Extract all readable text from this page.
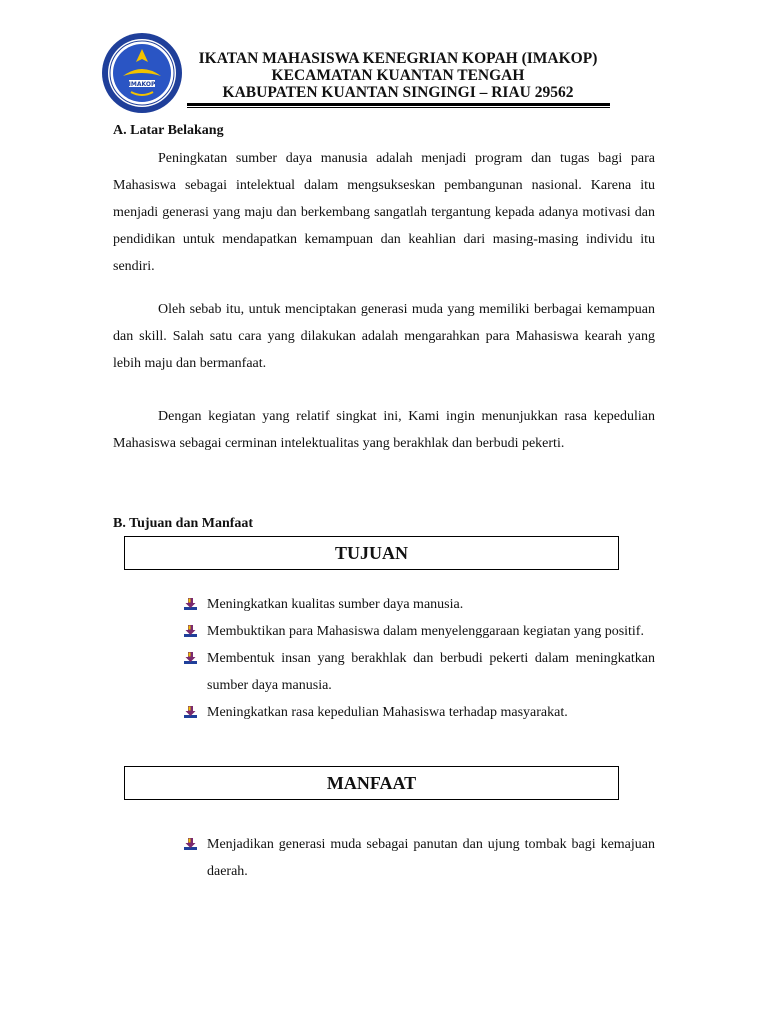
IMAKOP
IKATAN MAHASISWA KENEGRIAN KOPAH (IMAKOP)
KECAMATAN KUANTAN TENGAH
KABUPATEN KUANTAN SINGINGI – RIAU 29562
A. Latar Belakang

Peningkatan sumber daya manusia adalah menjadi program dan tugas bagi para Mahasiswa sebagai intelektual dalam mengsukseskan pembangunan nasional. Karena itu menjadi generasi yang maju dan berkembang sangatlah tergantung kepada adanya motivasi dan pendidikan untuk mendapatkan kemampuan dan keahlian dari masing-masing individu itu sendiri.

Oleh sebab itu, untuk menciptakan generasi muda yang memiliki berbagai kemampuan dan skill. Salah satu cara yang dilakukan adalah mengarahkan para Mahasiswa kearah yang lebih maju dan bermanfaat.

Dengan kegiatan yang relatif singkat ini, Kami ingin menunjukkan rasa kepedulian Mahasiswa sebagai cerminan intelektualitas yang berakhlak dan berbudi pekerti.

B. Tujuan dan Manfaat
TUJUAN
Meningkatkan kualitas sumber daya manusia.
Membuktikan para Mahasiswa dalam menyelenggaraan kegiatan yang positif.
Membentuk insan yang berakhlak dan berbudi pekerti dalam meningkatkan sumber daya manusia.
Meningkatkan rasa kepedulian Mahasiswa terhadap masyarakat.
MANFAAT
Menjadikan generasi muda sebagai panutan dan ujung tombak bagi kemajuan daerah.
